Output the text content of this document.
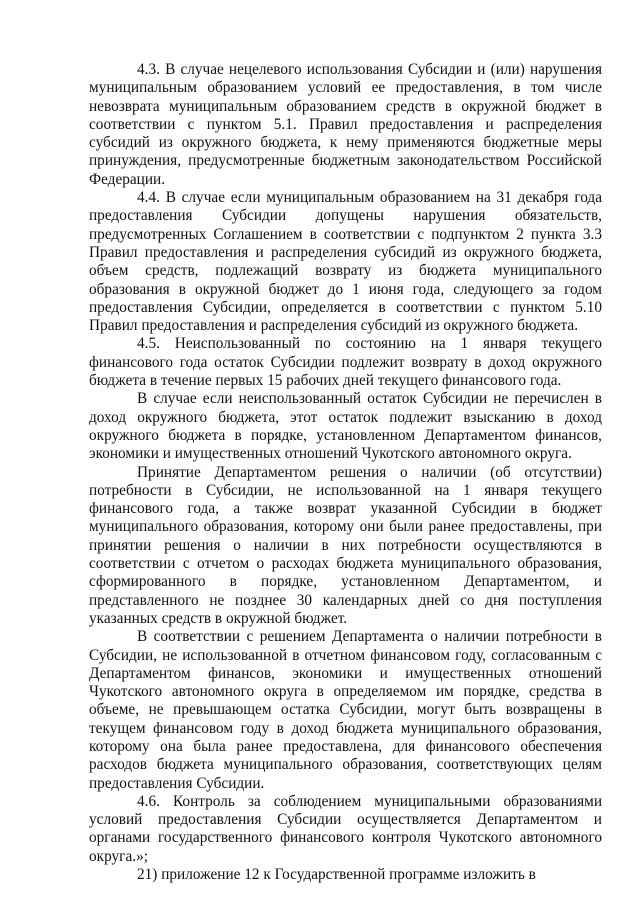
4.3. В случае нецелевого использования Субсидии и (или) нарушения муниципальным образованием условий ее предоставления, в том числе невозврата муниципальным образованием средств в окружной бюджет в соответствии с пунктом 5.1. Правил предоставления и распределения субсидий из окружного бюджета, к нему применяются бюджетные меры принуждения, предусмотренные бюджетным законодательством Российской Федерации.

4.4. В случае если муниципальным образованием на 31 декабря года предоставления Субсидии допущены нарушения обязательств, предусмотренных Соглашением в соответствии с подпунктом 2 пункта 3.3 Правил предоставления и распределения субсидий из окружного бюджета, объем средств, подлежащий возврату из бюджета муниципального образования в окружной бюджет до 1 июня года, следующего за годом предоставления Субсидии, определяется в соответствии с пунктом 5.10 Правил предоставления и распределения субсидий из окружного бюджета.

4.5. Неиспользованный по состоянию на 1 января текущего финансового года остаток Субсидии подлежит возврату в доход окружного бюджета в течение первых 15 рабочих дней текущего финансового года.

В случае если неиспользованный остаток Субсидии не перечислен в доход окружного бюджета, этот остаток подлежит взысканию в доход окружного бюджета в порядке, установленном Департаментом финансов, экономики и имущественных отношений Чукотского автономного округа.

Принятие Департаментом решения о наличии (об отсутствии) потребности в Субсидии, не использованной на 1 января текущего финансового года, а также возврат указанной Субсидии в бюджет муниципального образования, которому они были ранее предоставлены, при принятии решения о наличии в них потребности осуществляются в соответствии с отчетом о расходах бюджета муниципального образования, сформированного в порядке, установленном Департаментом, и представленного не позднее 30 календарных дней со дня поступления указанных средств в окружной бюджет.

В соответствии с решением Департамента о наличии потребности в Субсидии, не использованной в отчетном финансовом году, согласованным с Департаментом финансов, экономики и имущественных отношений Чукотского автономного округа в определяемом им порядке, средства в объеме, не превышающем остатка Субсидии, могут быть возвращены в текущем финансовом году в доход бюджета муниципального образования, которому она была ранее предоставлена, для финансового обеспечения расходов бюджета муниципального образования, соответствующих целям предоставления Субсидии.

4.6. Контроль за соблюдением муниципальными образованиями условий предоставления Субсидии осуществляется Департаментом и органами государственного финансового контроля Чукотского автономного округа.»;

21) приложение 12 к Государственной программе изложить в
